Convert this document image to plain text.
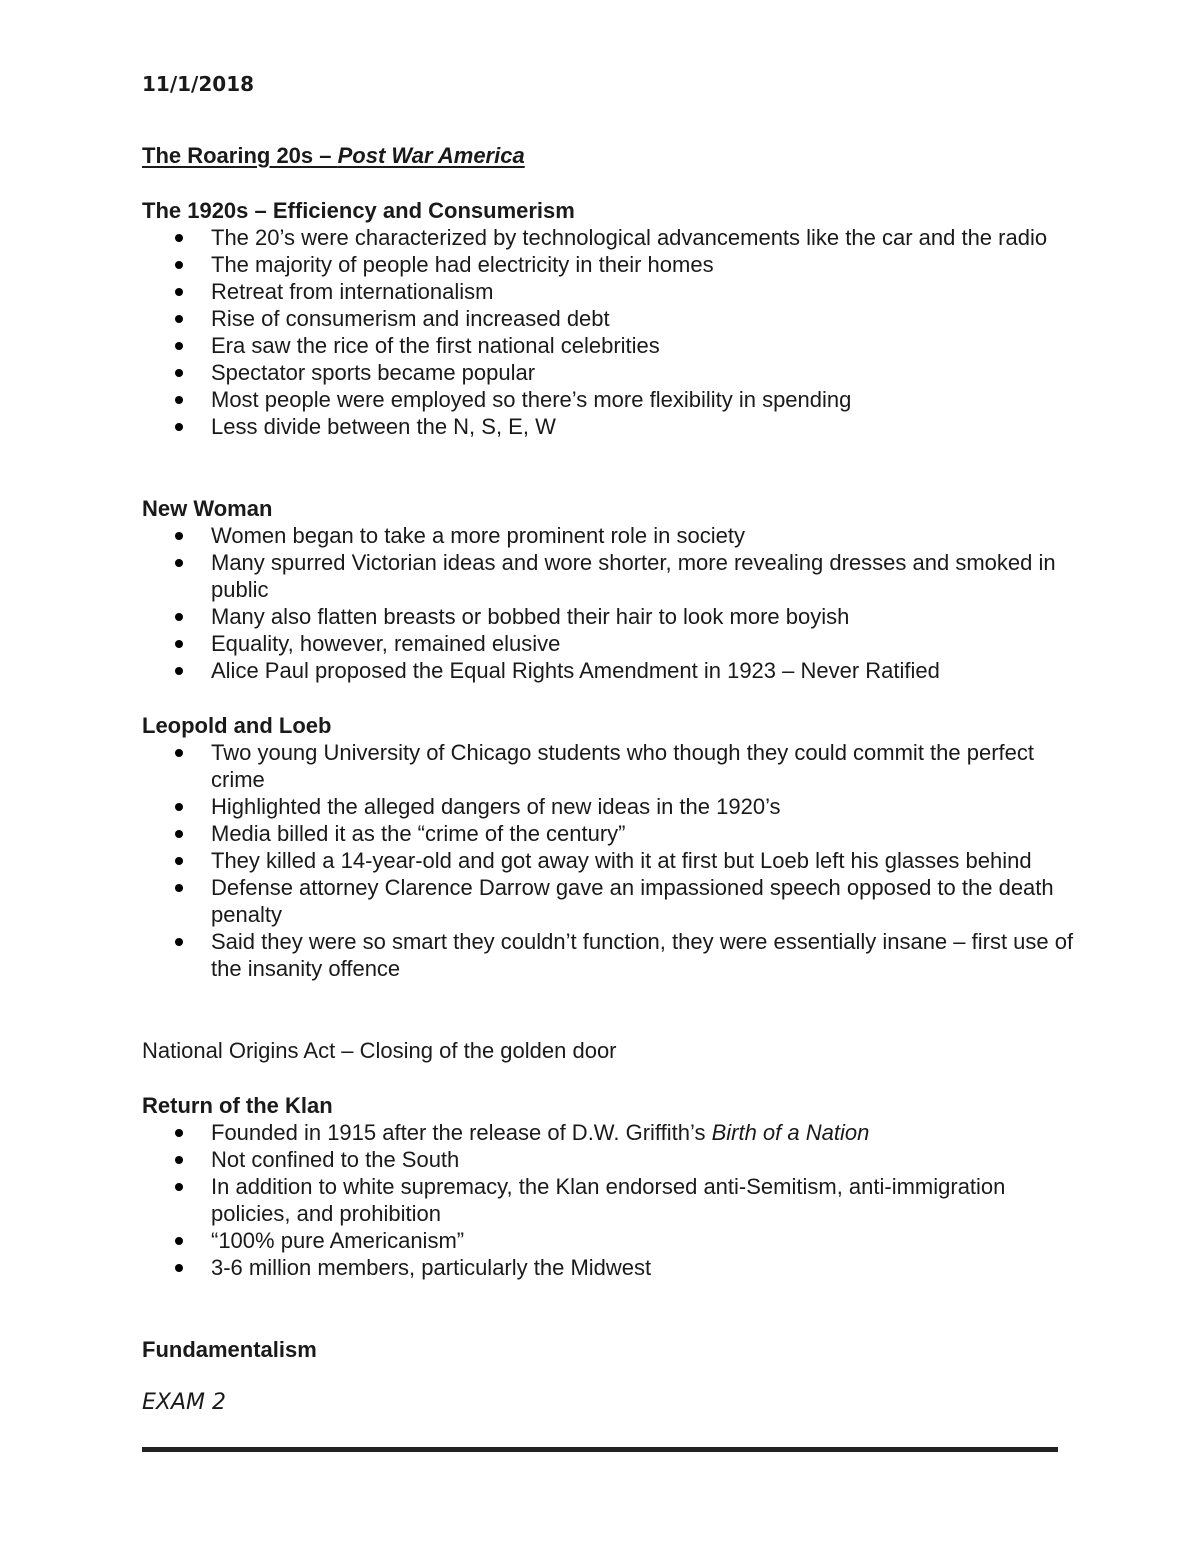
11/1/2018
The Roaring 20s – Post War America
The 1920s – Efficiency and Consumerism
The 20’s were characterized by technological advancements like the car and the radio
The majority of people had electricity in their homes
Retreat from internationalism
Rise of consumerism and increased debt
Era saw the rice of the first national celebrities
Spectator sports became popular
Most people were employed so there’s more flexibility in spending
Less divide between the N, S, E, W
New Woman
Women began to take a more prominent role in society
Many spurred Victorian ideas and wore shorter, more revealing dresses and smoked in public
Many also flatten breasts or bobbed their hair to look more boyish
Equality, however, remained elusive
Alice Paul proposed the Equal Rights Amendment in 1923 – Never Ratified
Leopold and Loeb
Two young University of Chicago students who though they could commit the perfect crime
Highlighted the alleged dangers of new ideas in the 1920’s
Media billed it as the “crime of the century”
They killed a 14-year-old and got away with it at first but Loeb left his glasses behind
Defense attorney Clarence Darrow gave an impassioned speech opposed to the death penalty
Said they were so smart they couldn’t function, they were essentially insane – first use of the insanity offence
National Origins Act – Closing of the golden door
Return of the Klan
Founded in 1915 after the release of D.W. Griffith’s Birth of a Nation
Not confined to the South
In addition to white supremacy, the Klan endorsed anti-Semitism, anti-immigration policies, and prohibition
“100% pure Americanism”
3-6 million members, particularly the Midwest
Fundamentalism
EXAM 2
